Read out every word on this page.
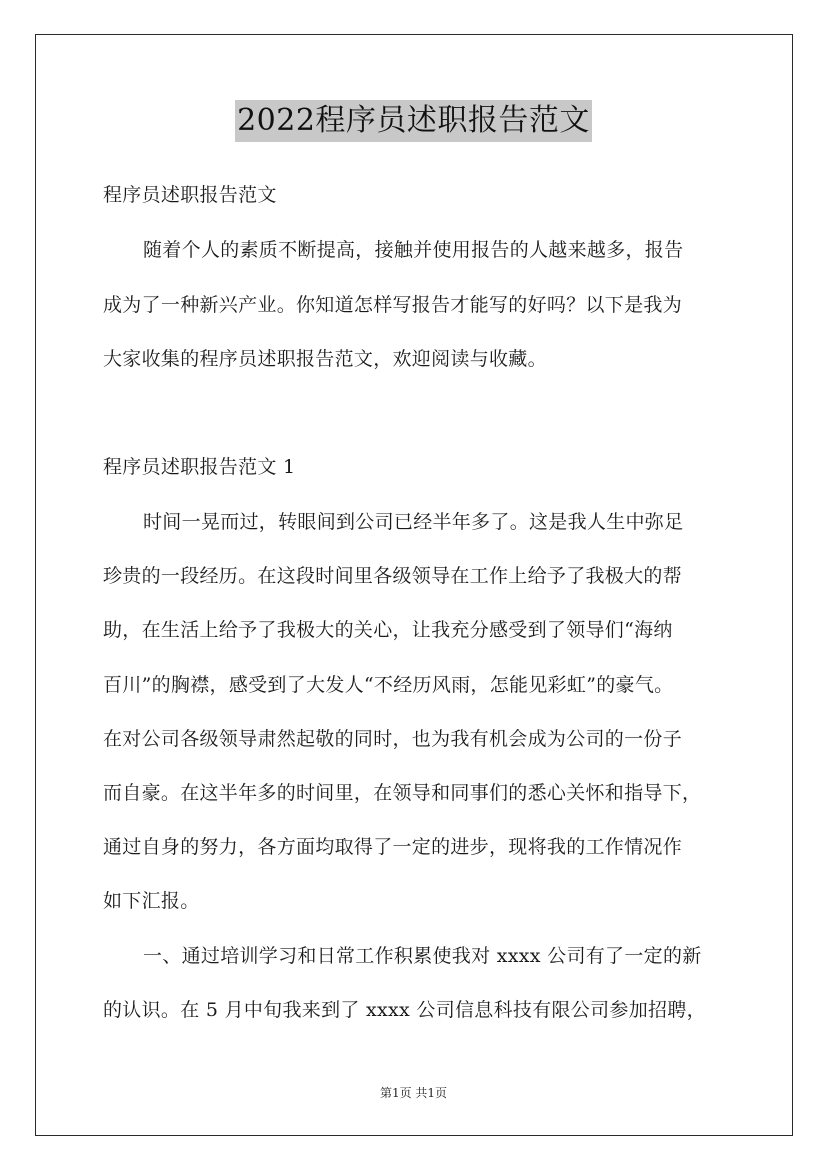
2022程序员述职报告范文
程序员述职报告范文
随着个人的素质不断提高，接触并使用报告的人越来越多，报告
成为了一种新兴产业。你知道怎样写报告才能写的好吗？以下是我为
大家收集的程序员述职报告范文，欢迎阅读与收藏。
程序员述职报告范文 1
时间一晃而过，转眼间到公司已经半年多了。这是我人生中弥足
珍贵的一段经历。在这段时间里各级领导在工作上给予了我极大的帮
助，在生活上给予了我极大的关心，让我充分感受到了领导们“海纳
百川”的胸襟，感受到了大发人“不经历风雨，怎能见彩虹”的豪气。
在对公司各级领导肃然起敬的同时，也为我有机会成为公司的一份子
而自豪。在这半年多的时间里，在领导和同事们的悉心关怀和指导下，
通过自身的努力，各方面均取得了一定的进步，现将我的工作情况作
如下汇报。
一、通过培训学习和日常工作积累使我对 xxxx 公司有了一定的新
的认识。在 5 月中旬我来到了 xxxx 公司信息科技有限公司参加招聘，
第1页 共1页
